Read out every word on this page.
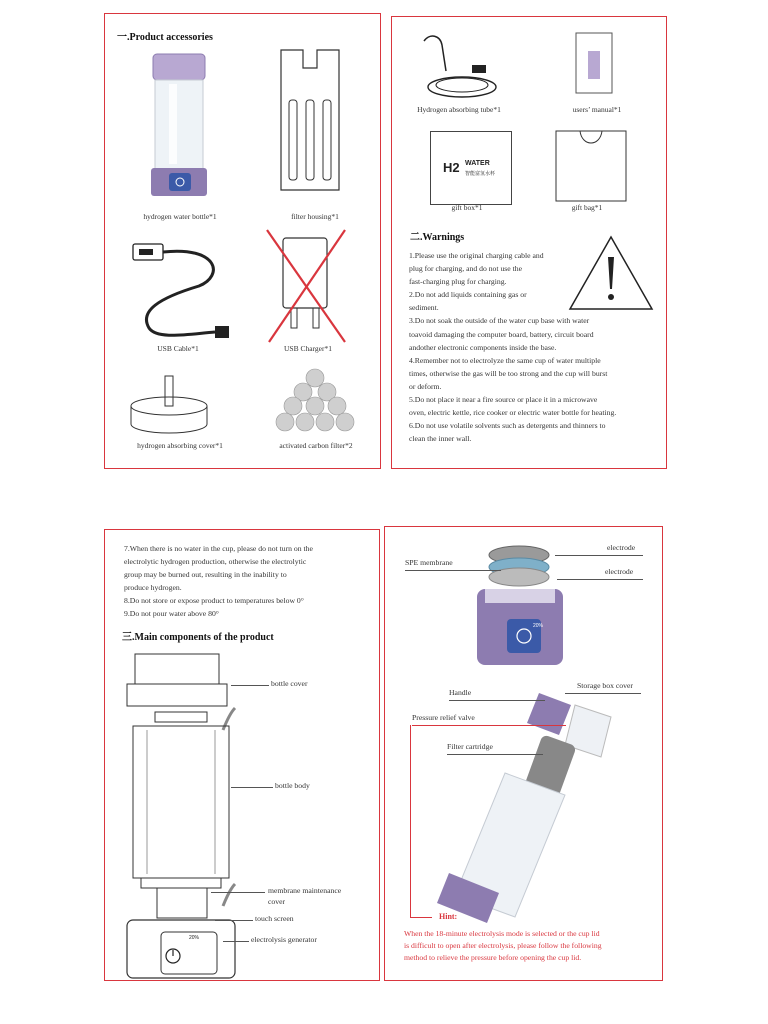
一.Product accessories
hydrogen water bottle*1	filter housing*1
USB Cable*1	USB Charger*1
hydrogen absorbing cover*1	activated carbon filter*2
Hydrogen absorbing tube*1	users’ manual*1
H2 WATER
智能富氢水杯
gift box*1	gift bag*1
二.Warnings
1.Please use the original charging cable and
plug for charging, and do not use the
fast-charging plug for charging.
2.Do not add liquids containing gas or
sediment.
3.Do not soak the outside of the water cup base with water
toavoid damaging the computer board, battery, circuit board
andother electronic components inside the base.
4.Remember not to electrolyze the same cup of water multiple
times, otherwise the gas will be too strong and the cup will burst
or deform.
5.Do not place it near a fire source or place it in a microwave
oven, electric kettle, rice cooker or electric water bottle for heating.
6.Do not use volatile solvents such as detergents and thinners to
clean the inner wall.
7.When there is no water in the cup, please do not turn on the
electrolytic hydrogen production, otherwise the electrolytic
group may be burned out, resulting in the inability to
produce hydrogen.
8.Do not store or expose product to temperatures below 0°
9.Do not pour water above 80°
三.Main components of the product
20%
bottle cover
bottle body
membrane maintenance
cover
touch screen
electrolysis generator
20%
SPE membrane
electrode
electrode
Storage box cover
Handle
Pressure relief valve
Filter cartridge
Hint:
When the 18-minute electrolysis mode is selected or the cup lid
is difficult to open after electrolysis, please follow the following
method to relieve the pressure before opening the cup lid.
